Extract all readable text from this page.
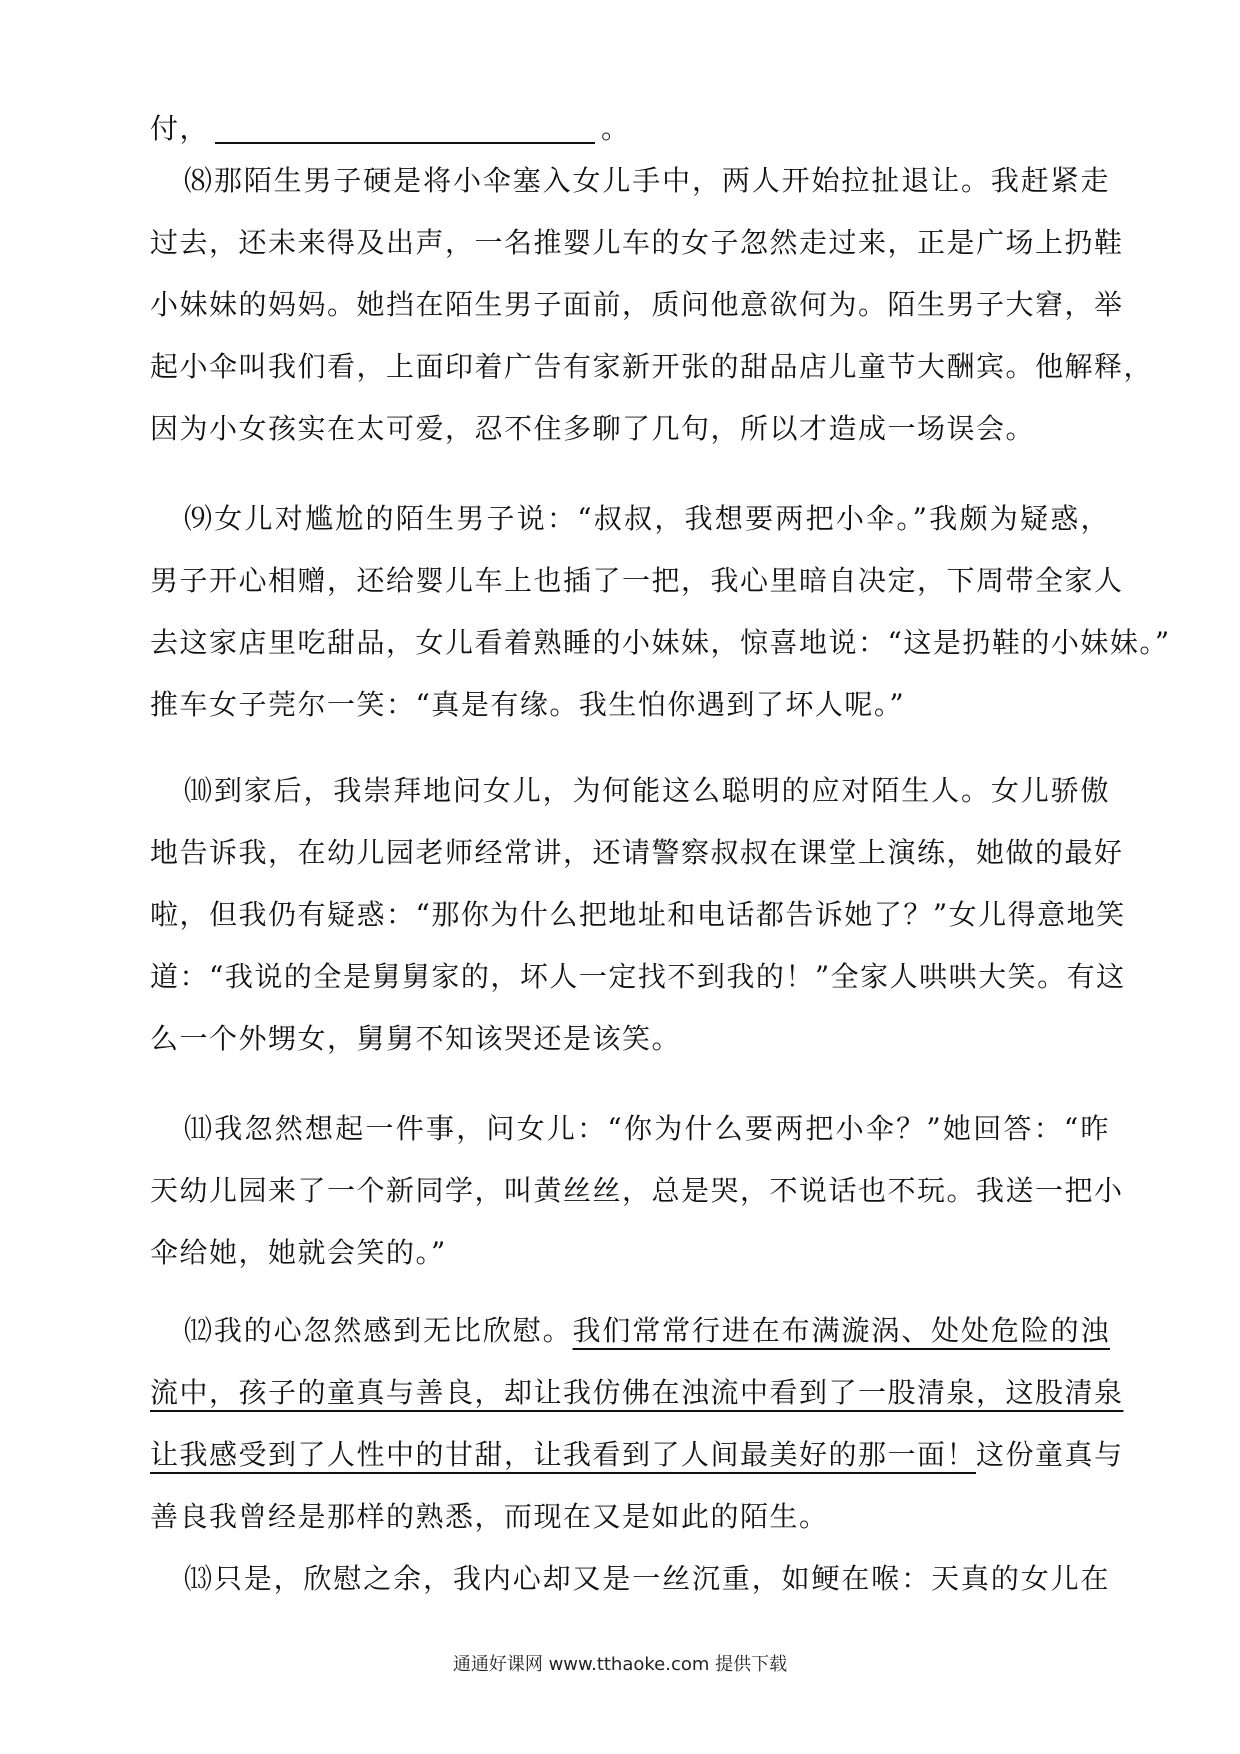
付，	。
⑻那陌生男子硬是将小伞塞入女儿手中，两人开始拉扯退让。我赶紧走
过去，还未来得及出声，一名推婴儿车的女子忽然走过来，正是广场上扔鞋
小妹妹的妈妈。她挡在陌生男子面前，质问他意欲何为。陌生男子大窘，举
起小伞叫我们看，上面印着广告有家新开张的甜品店儿童节大酬宾。他解释，
因为小女孩实在太可爱，忍不住多聊了几句，所以才造成一场误会。
⑼女儿对尴尬的陌生男子说：“叔叔，我想要两把小伞。”我颇为疑惑，
男子开心相赠，还给婴儿车上也插了一把，我心里暗自决定，下周带全家人
去这家店里吃甜品，女儿看着熟睡的小妹妹，惊喜地说：“这是扔鞋的小妹妹。”
推车女子莞尔一笑：“真是有缘。我生怕你遇到了坏人呢。”
⑽到家后，我崇拜地问女儿，为何能这么聪明的应对陌生人。女儿骄傲
地告诉我，在幼儿园老师经常讲，还请警察叔叔在课堂上演练，她做的最好
啦，但我仍有疑惑：“那你为什么把地址和电话都告诉她了？”女儿得意地笑
道：“我说的全是舅舅家的，坏人一定找不到我的！”全家人哄哄大笑。有这
么一个外甥女，舅舅不知该哭还是该笑。
⑾我忽然想起一件事，问女儿：“你为什么要两把小伞？”她回答：“昨
天幼儿园来了一个新同学，叫黄丝丝，总是哭，不说话也不玩。我送一把小
伞给她，她就会笑的。”
⑿我的心忽然感到无比欣慰。我们常常行进在布满漩涡、处处危险的浊
流中，孩子的童真与善良，却让我仿佛在浊流中看到了一股清泉，这股清泉
让我感受到了人性中的甘甜，让我看到了人间最美好的那一面！这份童真与
善良我曾经是那样的熟悉，而现在又是如此的陌生。
通通好课网 www.tthaoke.com 提供下载
⒀只是，欣慰之余，我内心却又是一丝沉重，如鲠在喉：天真的女儿在
